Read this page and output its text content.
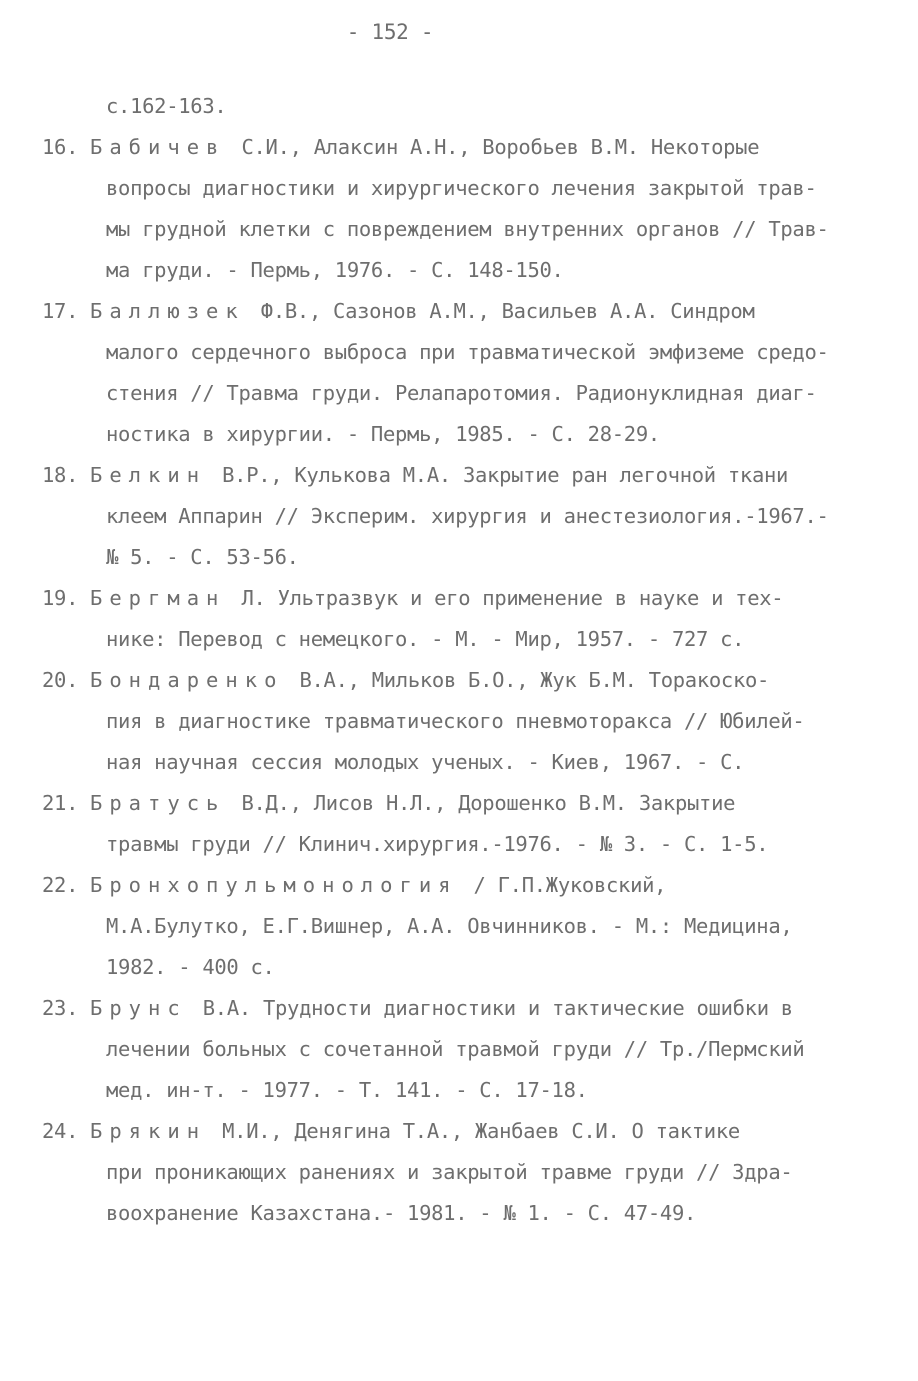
- 152 -
с.162-163.
16. Бабичев С.И., Алаксин А.Н., Воробьев В.М. Некоторые
вопросы диагностики и хирургического лечения закрытой трав-
мы грудной клетки с повреждением внутренних органов // Трав-
ма груди. - Пермь, 1976. - С. 148-150.
17. Баллюзек Ф.В., Сазонов А.М., Васильев А.А. Синдром
малого сердечного выброса при травматической эмфиземе средо-
стения // Травма груди. Релапаротомия. Радионуклидная диаг-
ностика в хирургии. - Пермь, 1985. - С. 28-29.
18. Белкин В.Р., Кулькова М.А. Закрытие ран легочной ткани
клеем Аппарин // Эксперим. хирургия и анестезиология.-1967.-
№ 5. - С. 53-56.
19. Бергман Л. Ультразвук и его применение в науке и тех-
нике: Перевод с немецкого. - М. - Мир, 1957. - 727 с.
20. Бондаренко В.А., Мильков Б.О., Жук Б.М. Торакоско-
пия в диагностике травматического пневмоторакса // Юбилей-
ная научная сессия молодых ученых. - Киев, 1967. - С.
21. Братусь В.Д., Лисов Н.Л., Дорошенко В.М. Закрытие
травмы груди // Клинич.хирургия.-1976. - № 3. - С. 1-5.
22. Бронхопульмонология / Г.П.Жуковский,
М.А.Булутко, Е.Г.Вишнер, А.А. Овчинников. - М.: Медицина,
1982. - 400 с.
23. Брунс В.А. Трудности диагностики и тактические ошибки в
лечении больных с сочетанной травмой груди // Тр./Пермский
мед. ин-т. - 1977. - Т. 141. - С. 17-18.
24. Брякин М.И., Денягина Т.А., Жанбаев С.И. О тактике
при проникающих ранениях и закрытой травме груди // Здра-
воохранение Казахстана.- 1981. - № 1. - С. 47-49.
